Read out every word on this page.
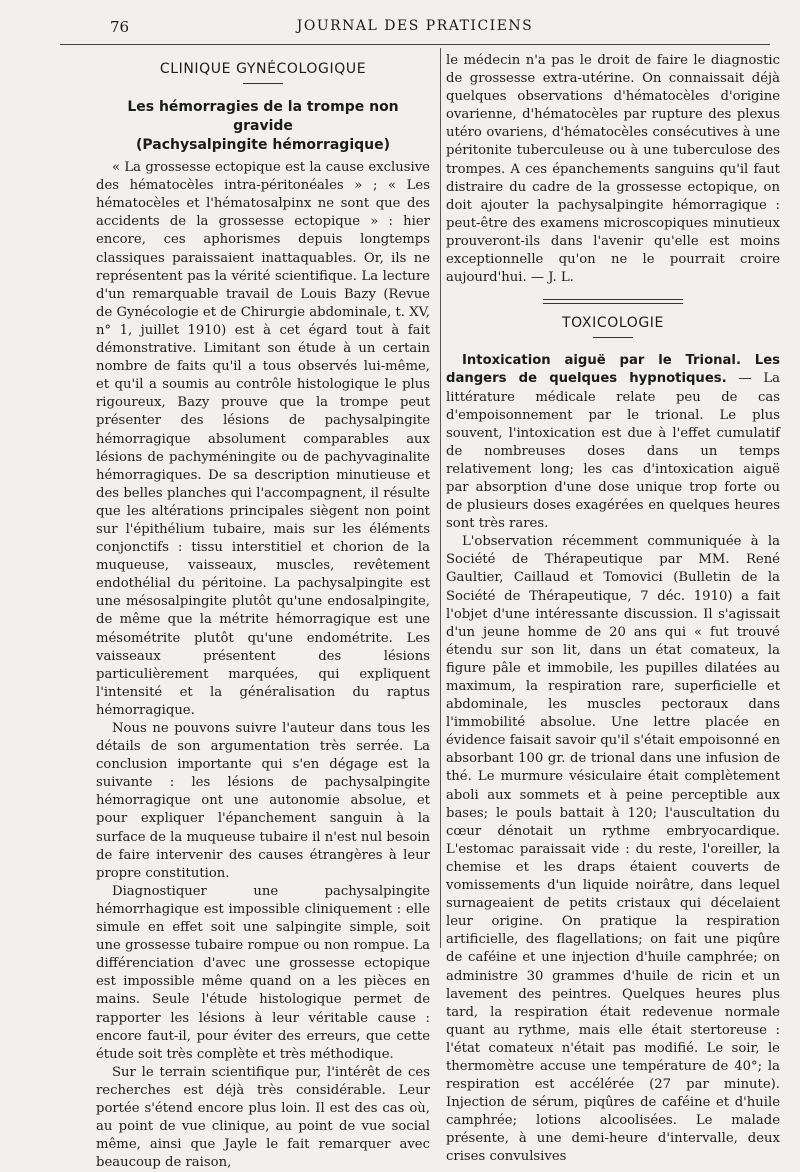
76	JOURNAL DES PRATICIENS
CLINIQUE GYNÉCOLOGIQUE
Les hémorragies de la trompe non gravide
(Pachysalpingite hémorragique)

« La grossesse ectopique est la cause exclusive des hématocèles intra-péritonéales » ; « Les hématocèles et l'hématosalpinx ne sont que des accidents de la grossesse ectopique » : hier encore, ces aphorismes depuis longtemps classiques paraissaient inattaquables. Or, ils ne représentent pas la vérité scientifique. La lecture d'un remarquable travail de Louis Bazy (Revue de Gynécologie et de Chirurgie abdominale, t. XV, n° 1, juillet 1910) est à cet égard tout à fait démonstrative. Limitant son étude à un certain nombre de faits qu'il a tous observés lui-même, et qu'il a soumis au contrôle histologique le plus rigoureux, Bazy prouve que la trompe peut présenter des lésions de pachysalpingite hémorragique absolument comparables aux lésions de pachyméningite ou de pachyvaginalite hémorragiques. De sa description minutieuse et des belles planches qui l'accompagnent, il résulte que les altérations principales siègent non point sur l'épithélium tubaire, mais sur les éléments conjonctifs : tissu interstitiel et chorion de la muqueuse, vaisseaux, muscles, revêtement endothélial du péritoine. La pachysalpingite est une mésosalpingite plutôt qu'une endosalpingite, de même que la métrite hémorragique est une mésométrite plutôt qu'une endométrite. Les vaisseaux présentent des lésions particulièrement marquées, qui expliquent l'intensité et la généralisation du raptus hémorragique.

Nous ne pouvons suivre l'auteur dans tous les détails de son argumentation très serrée. La conclusion importante qui s'en dégage est la suivante : les lésions de pachysalpingite hémorragique ont une autonomie absolue, et pour expliquer l'épanchement sanguin à la surface de la muqueuse tubaire il n'est nul besoin de faire intervenir des causes étrangères à leur propre constitution.

Diagnostiquer une pachysalpingite hémorrhagique est impossible cliniquement : elle simule en effet soit une salpingite simple, soit une grossesse tubaire rompue ou non rompue. La différenciation d'avec une grossesse ectopique est impossible même quand on a les pièces en mains. Seule l'étude histologique permet de rapporter les lésions à leur véritable cause : encore faut-il, pour éviter des erreurs, que cette étude soit très complète et très méthodique.

Sur le terrain scientifique pur, l'intérêt de ces recherches est déjà très considérable. Leur portée s'étend encore plus loin. Il est des cas où, au point de vue clinique, au point de vue social même, ainsi que Jayle le fait remarquer avec beaucoup de raison,

le médecin n'a pas le droit de faire le diagnostic de grossesse extra-utérine. On connaissait déjà quelques observations d'hématocèles d'origine ovarienne, d'hématocèles par rupture des plexus utéro ovariens, d'hématocèles consécutives à une péritonite tuberculeuse ou à une tuberculose des trompes. A ces épanchements sanguins qu'il faut distraire du cadre de la grossesse ectopique, on doit ajouter la pachysalpingite hémorragique : peut-être des examens microscopiques minutieux prouveront-ils dans l'avenir qu'elle est moins exceptionnelle qu'on ne le pourrait croire aujourd'hui. — J. L.

TOXICOLOGIE

Intoxication aiguë par le Trional. Les dangers de quelques hypnotiques. — La littérature médicale relate peu de cas d'empoisonnement par le trional. Le plus souvent, l'intoxication est due à l'effet cumulatif de nombreuses doses dans un temps relativement long; les cas d'intoxication aiguë par absorption d'une dose unique trop forte ou de plusieurs doses exagérées en quelques heures sont très rares.

L'observation récemment communiquée à la Société de Thérapeutique par MM. René Gaultier, Caillaud et Tomovici (Bulletin de la Société de Thérapeutique, 7 déc. 1910) a fait l'objet d'une intéressante discussion. Il s'agissait d'un jeune homme de 20 ans qui « fut trouvé étendu sur son lit, dans un état comateux, la figure pâle et immobile, les pupilles dilatées au maximum, la respiration rare, superficielle et abdominale, les muscles pectoraux dans l'immobilité absolue. Une lettre placée en évidence faisait savoir qu'il s'était empoisonné en absorbant 100 gr. de trional dans une infusion de thé. Le murmure vésiculaire était complètement aboli aux sommets et à peine perceptible aux bases; le pouls battait à 120; l'auscultation du cœur dénotait un rythme embryocardique. L'estomac paraissait vide : du reste, l'oreiller, la chemise et les draps étaient couverts de vomissements d'un liquide noirâtre, dans lequel surnageaient de petits cristaux qui décelaient leur origine. On pratique la respiration artificielle, des flagellations; on fait une piqûre de caféine et une injection d'huile camphrée; on administre 30 grammes d'huile de ricin et un lavement des peintres. Quelques heures plus tard, la respiration était redevenue normale quant au rythme, mais elle était stertoreuse : l'état comateux n'était pas modifié. Le soir, le thermomètre accuse une température de 40°; la respiration est accélérée (27 par minute). Injection de sérum, piqûres de caféine et d'huile camphrée; lotions alcoolisées. Le malade présente, à une demi-heure d'intervalle, deux crises convulsives
